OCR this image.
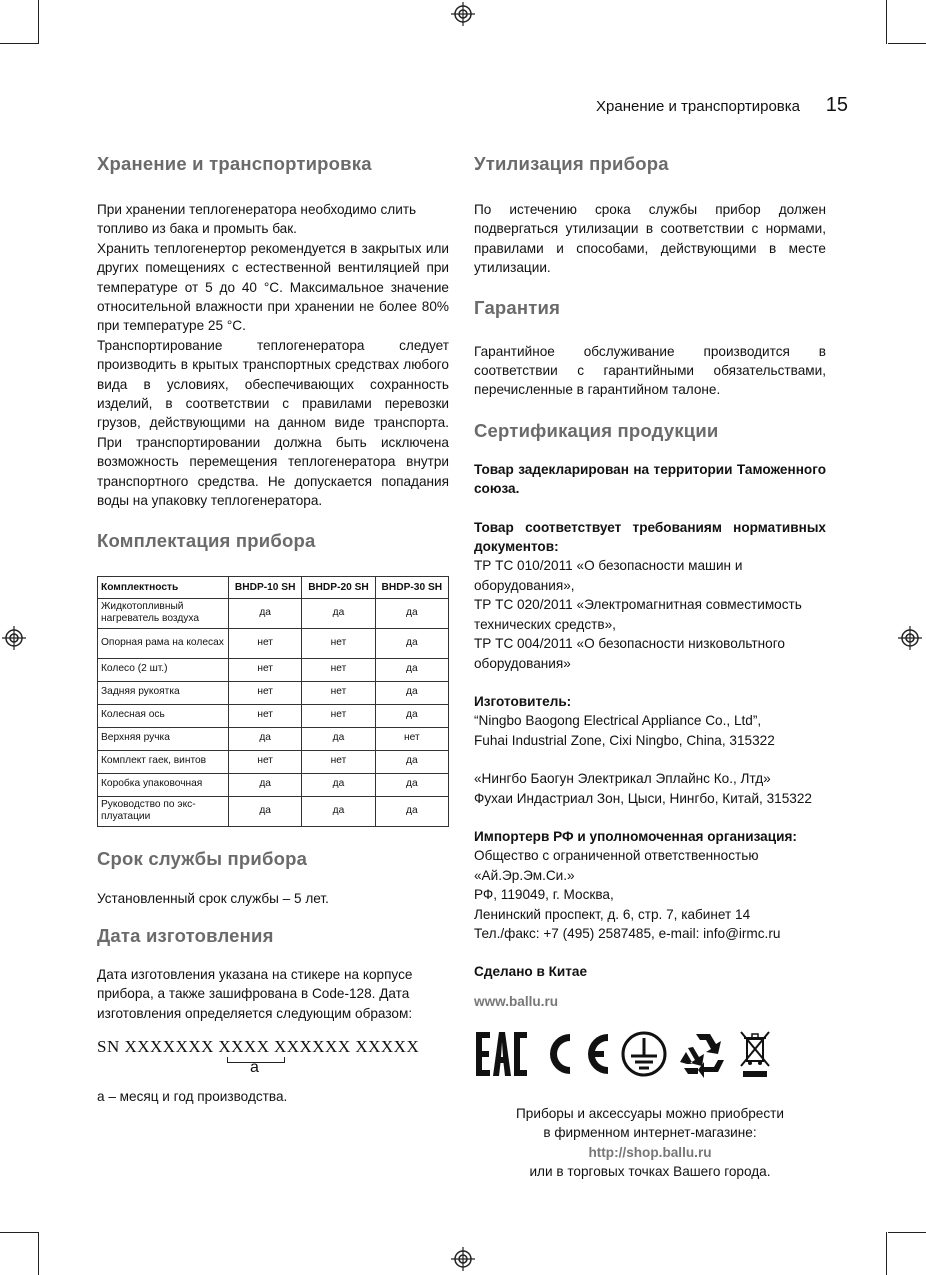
Хранение и транспортировка 15
Хранение и транспортировка

При хранении теплогенератора необходимо слить топливо из бака и промыть бак.

Хранить теплогенертор рекомендуется в закрытых или других помещениях с естественной вентиляцией при температуре от 5 до 40 °С. Максимальное значение относительной влажности при хранении не более 80% при температуре 25 °С.

Транспортирование теплогенератора следует производить в крытых транспортных средствах любого вида в условиях, обеспечивающих сохранность изделий, в соответствии с правилами перевозки грузов, действующими на данном виде транспорта. При транспортировании должна быть исключена возможность перемещения теплогенератора внутри транспортного средства. Не допускается попадания воды на упаковку теплогенератора.

Комплектация прибора
Комплектность	BHDP-10 SH	BHDP-20 SH	BHDP-30 SH
Жидкотопливный нагреватель воздуха	да	да	да
Опорная рама на колесах	нет	нет	да
Колесо (2 шт.)	нет	нет	да
Задняя рукоятка	нет	нет	да
Колесная ось	нет	нет	да
Верхняя ручка	да	да	нет
Комплект гаек, винтов	нет	нет	да
Коробка упаковочная	да	да	да
Руководство по экс-плуатации	да	да	да
Срок службы прибора

Установленный срок службы – 5 лет.

Дата изготовления

Дата изготовления указана на стикере на корпусе прибора, а также зашифрована в Code-128. Дата изготовления определяется следующим образом:

SN XXXXXXX XXXX XXXXXX XXXXX
а

а – месяц и год производства.

Утилизация прибора

По истечению срока службы прибор должен подвергаться утилизации в соответствии с нормами, правилами и способами, действующими в месте утилизации.

Гарантия

Гарантийное обслуживание производится в соответствии с гарантийными обязательствами, перечисленные в гарантийном талоне.

Сертификация продукции

Товар задекларирован на территории Таможенного союза.

Товар соответствует требованиям нормативных документов:

ТР ТС 010/2011 «О безопасности машин и оборудования»,

ТР ТС 020/2011 «Электромагнитная совместимость технических средств»,

ТР ТС 004/2011 «О безопасности низковольтного оборудования»

Изготовитель:

“Ningbo Baogong Electrical Appliance Co., Ltd”,

Fuhai Industrial Zone, Cixi Ningbo, China, 315322

«Нингбо Баогун Электрикал Эплайнс Ко., Лтд»

Фухаи Индастриал Зон, Цыси, Нингбо, Китай, 315322

Импортерв РФ и уполномоченная организация:

Общество с ограниченной ответственностью

«Ай.Эр.Эм.Си.»

РФ, 119049, г. Москва,

Ленинский проспект, д. 6, стр. 7, кабинет 14

Тел./факс: +7 (495) 2587485, e-mail: info@irmc.ru

Сделано в Китае

www.ballu.ru

Приборы и аксессуары можно приобрести

в фирменном интернет-магазине:

http://shop.ballu.ru

или в торговых точках Вашего города.
